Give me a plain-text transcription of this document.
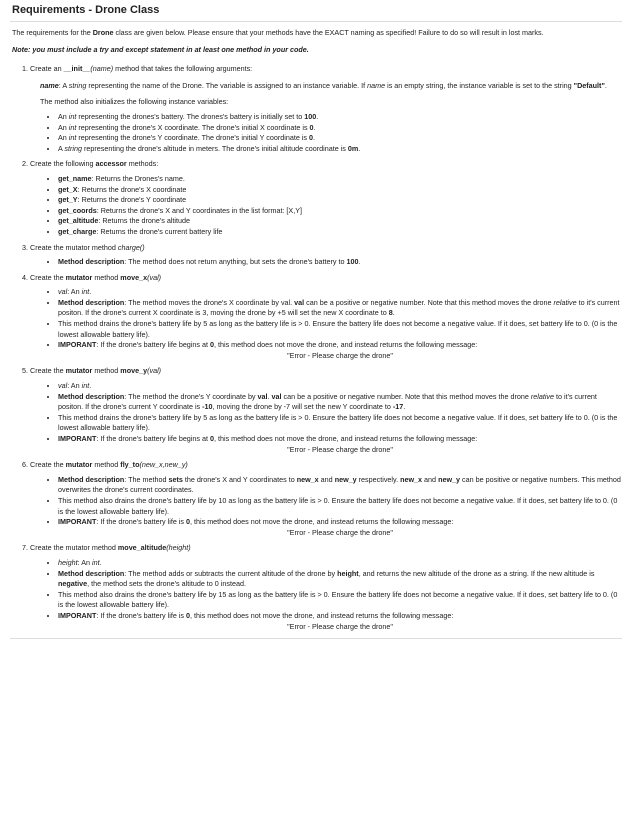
Requirements - Drone Class

The requirements for the Drone class are given below. Please ensure that your methods have the EXACT naming as specified! Failure to do so will result in lost marks.

Note: you must include a try and except statement in at least one method in your code.

1. Create an __init__(name) method that takes the following arguments:

name: A string representing the name of the Drone. The variable is assigned to an instance variable. If name is an empty string, the instance variable is set to the string "Default".

The method also initializes the following instance variables:

• An int representing the drones's battery. The drones's battery is initially set to 100.
• An int representing the drone's X coordinate. The drone's initial X coordinate is 0.
• An int representing the drone's Y coordinate. The drone's initial Y coordinate is 0.
• A string representing the drone's altitude in meters. The drone's initial altitude coordinate is 0m.
2. Create the following accessor methods:
• get_name: Returns the Drones's name.
• get_X: Returns the drone's X coordinate
• get_Y: Returns the drone's Y coordinate
• get_coords: Returns the drone's X and Y coordinates in the list format: [X,Y]
• get_altitude: Returns the drone's altitude
• get_charge: Returns the drone's current battery life
3. Create the mutator method charge()
• Method description: The method does not return anything, but sets the drone's battery to 100.
4. Create the mutator method move_x(val)
• val: An int.
• Method description: The method moves the drone's X coordinate by val. val can be a positive or negative number. Note that this method moves the drone relative to it's current positon. If the drone's current X coordinate is 3, moving the drone by +5 will set the new X coordinate to 8.
• This method drains the drone's battery life by 5 as long as the battery life is > 0. Ensure the battery life does not become a negative value. If it does, set battery life to 0. (0 is the lowest allowable battery life).
• IMPORANT: If the drone's battery life begins at 0, this method does not move the drone, and instead returns the following message:
"Error - Please charge the drone"
5. Create the mutator method move_y(val)
• val: An int.
• Method description: The method the drone's Y coordinate by val. val can be a positive or negative number. Note that this method moves the drone relative to it's current positon. If the drone's current Y coordinate is -10, moving the drone by -7 will set the new Y coordinate to -17.
• This method drains the drone's battery life by 5 as long as the battery life is > 0. Ensure the battery life does not become a negative value. If it does, set battery life to 0. (0 is the lowest allowable battery life).
• IMPORANT: If the drone's battery life begins at 0, this method does not move the drone, and instead returns the following message:
"Error - Please charge the drone"
6. Create the mutator method fly_to(new_x,new_y)
• Method description: The method sets the drone's X and Y coordinates to new_x and new_y respectively. new_x and new_y can be positive or negative numbers. This method overwrites the drone's current coordinates.
• This method also drains the drone's battery life by 10 as long as the battery life is > 0. Ensure the battery life does not become a negative value. If it does, set battery life to 0. (0 is the lowest allowable battery life).
• IMPORANT: If the drone's battery life is 0, this method does not move the drone, and instead returns the following message:
"Error - Please charge the drone"
7. Create the mutator method move_altitude(height)
• height: An int.
• Method description: The method adds or subtracts the current altitude of the drone by height, and returns the new altitude of the drone as a string. If the new altitude is negative, the method sets the drone's altitude to 0 instead.
• This method also drains the drone's battery life by 15 as long as the battery life is > 0. Ensure the battery life does not become a negative value. If it does, set battery life to 0. (0 is the lowest allowable battery life).
• IMPORANT: If the drone's battery life is 0, this method does not move the drone, and instead returns the following message:
"Error - Please charge the drone"
